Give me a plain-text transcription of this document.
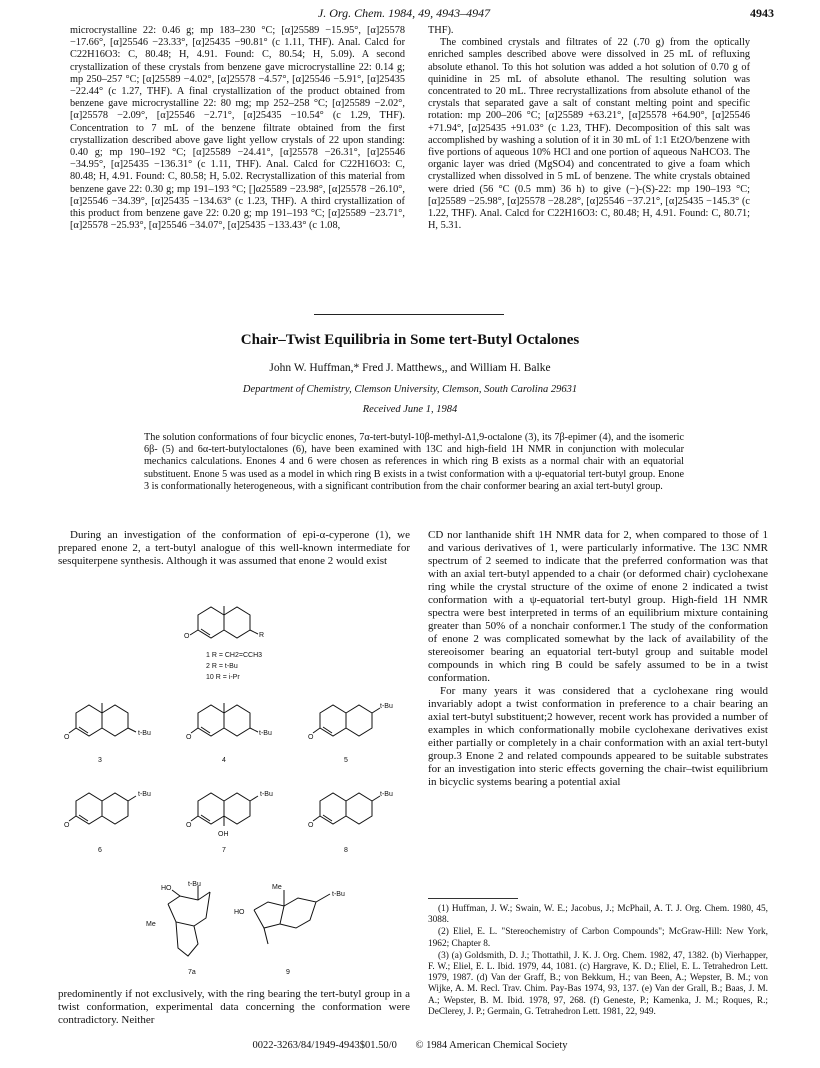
J. Org. Chem. 1984, 49, 4943–4947	4943

microcrystalline 22: 0.46 g; mp 183–230 °C; [α]25589 −15.95°, [α]25578 −17.66°, [α]25546 −23.33°, [α]25435 −90.81° (c 1.11, THF). Anal. Calcd for C22H16O3: C, 80.48; H, 4.91. Found: C, 80.54; H, 5.09). A second crystallization of these crystals from benzene gave microcrystalline 22: 0.14 g; mp 250–257 °C; [α]25589 −4.02°, [α]25578 −4.57°, [α]25546 −5.91°, [α]25435 −22.44° (c 1.27, THF). A final crystallization of the product obtained from benzene gave microcrystalline 22: 80 mg; mp 252–258 °C; [α]25589 −2.02°, [α]25578 −2.09°, [α]25546 −2.71°, [α]25435 −10.54° (c 1.29, THF). Concentration to 7 mL of the benzene filtrate obtained from the first crystallization described above gave light yellow crystals of 22 upon standing: 0.40 g; mp 190–192 °C; [α]25589 −24.41°, [α]25578 −26.31°, [α]25546 −34.95°, [α]25435 −136.31° (c 1.11, THF). Anal. Calcd for C22H16O3: C, 80.48; H, 4.91. Found: C, 80.58; H, 5.02. Recrystallization of this material from benzene gave 22: 0.30 g; mp 191–193 °C; []α25589 −23.98°, [α]25578 −26.10°, [α]25546 −34.39°, [α]25435 −134.63° (c 1.23, THF). A third crystallization of this product from benzene gave 22: 0.20 g; mp 191–193 °C; [α]25589 −23.71°, [α]25578 −25.93°, [α]25546 −34.07°, [α]25435 −133.43° (c 1.08,

THF).

The combined crystals and filtrates of 22 (.70 g) from the optically enriched samples described above were dissolved in 25 mL of refluxing absolute ethanol. To this hot solution was added a hot solution of 0.70 g of quinidine in 25 mL of absolute ethanol. The resulting solution was concentrated to 20 mL. Three recrystallizations from absolute ethanol of the crystals that separated gave a salt of constant melting point and specific rotation: mp 200–206 °C; [α]25589 +63.21°, [α]25578 +64.90°, [α]25546 +71.94°, [α]25435 +91.03° (c 1.23, THF). Decomposition of this salt was accomplished by washing a solution of it in 30 mL of 1:1 Et2O/benzene with five portions of aqueous 10% HCl and one portion of aqueous NaHCO3. The organic layer was dried (MgSO4) and concentrated to give a foam which crystallized when dissolved in 5 mL of benzene. The white crystals obtained were dried (56 °C (0.5 mm) 36 h) to give (−)-(S)-22: mp 190–193 °C; [α]25589 −25.98°, [α]25578 −28.28°, [α]25546 −37.21°, [α]25435 −145.3° (c 1.22, THF). Anal. Calcd for C22H16O3: C, 80.48; H, 4.91. Found: C, 80.71; H, 5.31.

Chair–Twist Equilibria in Some tert-Butyl Octalones
John W. Huffman,* Fred J. Matthews,, and William H. Balke
Department of Chemistry, Clemson University, Clemson, South Carolina 29631
Received June 1, 1984
The solution conformations of four bicyclic enones, 7α-tert-butyl-10β-methyl-Δ1,9-octalone (3), its 7β-epimer (4), and the isomeric 6β- (5) and 6α-tert-butyloctalones (6), have been examined with 13C and high-field 1H NMR in conjunction with molecular mechanics calculations. Enones 4 and 6 were chosen as references in which ring B exists as a normal chair with an equatorial substituent. Enone 5 was used as a model in which ring B exists in a twist conformation with a ψ-equatorial tert-butyl group. Enone 3 is conformationally heterogeneous, with a significant contribution from the chair conformer bearing an axial tert-butyl group.

During an investigation of the conformation of epi-α-cyperone (1), we prepared enone 2, a tert-butyl analogue of this well-known intermediate for sesquiterpene synthesis. Although it was assumed that enone 2 would exist

O	R
1 R = CH2=CCH3
2 R = t-Bu
10 R = i-Pr
O
t-Bu
3
O
t-Bu
4
O
t-Bu
5
O
t-Bu
6
O
OH
t-Bu
7
O
t-Bu
8
HO
t-Bu
Me
7a
Me
t-Bu
HO
9

predominently if not exclusively, with the ring bearing the tert-butyl group in a twist conformation, experimental data concerning the conformation were contradictory. Neither

CD nor lanthanide shift 1H NMR data for 2, when compared to those of 1 and various derivatives of 1, were particularly informative. The 13C NMR spectrum of 2 seemed to indicate that the preferred conformation was that with an axial tert-butyl appended to a chair (or deformed chair) cyclohexane ring while the crystal structure of the oxime of enone 2 indicated a twist conformation with a ψ-equatorial tert-butyl group. High-field 1H NMR spectra were best interpreted in terms of an equilibrium mixture containing greater than 50% of a nonchair conformer.1 The study of the conformation of enone 2 was complicated somewhat by the lack of availability of the stereoisomer bearing an equatorial tert-butyl group and suitable model compounds in which ring B could be safely assumed to be in a twist conformation.

For many years it was considered that a cyclohexane ring would invariably adopt a twist conformation in preference to a chair bearing an axial tert-butyl substituent;2 however, recent work has provided a number of examples in which conformationally mobile cyclohexane derivatives exist either partially or completely in a chair conformation with an axial tert-butyl group.3 Enone 2 and related compounds appeared to be suitable substrates for an investigation into steric effects governing the chair–twist equilibrium in bicyclic systems bearing a potential axial

(1) Huffman, J. W.; Swain, W. E.; Jacobus, J.; McPhail, A. T. J. Org. Chem. 1980, 45, 3088.

(2) Eliel, E. L. "Stereochemistry of Carbon Compounds"; McGraw-Hill: New York, 1962; Chapter 8.

(3) (a) Goldsmith, D. J.; Thottathil, J. K. J. Org. Chem. 1982, 47, 1382. (b) Vierhapper, F. W.; Eliel, E. L. Ibid. 1979, 44, 1081. (c) Hargrave, K. D.; Eliel, E. L. Tetrahedron Lett. 1979, 1987. (d) Van der Graff, B.; von Bekkum, H.; van Been, A.; Wepster, B. M.; von Wijke, A. M. Recl. Trav. Chim. Pay-Bas 1974, 93, 137. (e) Van der Grall, B.; Baas, J. M. A.; Wepster, B. M. Ibid. 1978, 97, 268. (f) Geneste, P.; Kamenka, J. M.; Roques, R.; DeClerey, J. P.; Germain, G. Tetrahedron Lett. 1981, 22, 949.

0022-3263/84/1949-4943$01.50/0 © 1984 American Chemical Society
